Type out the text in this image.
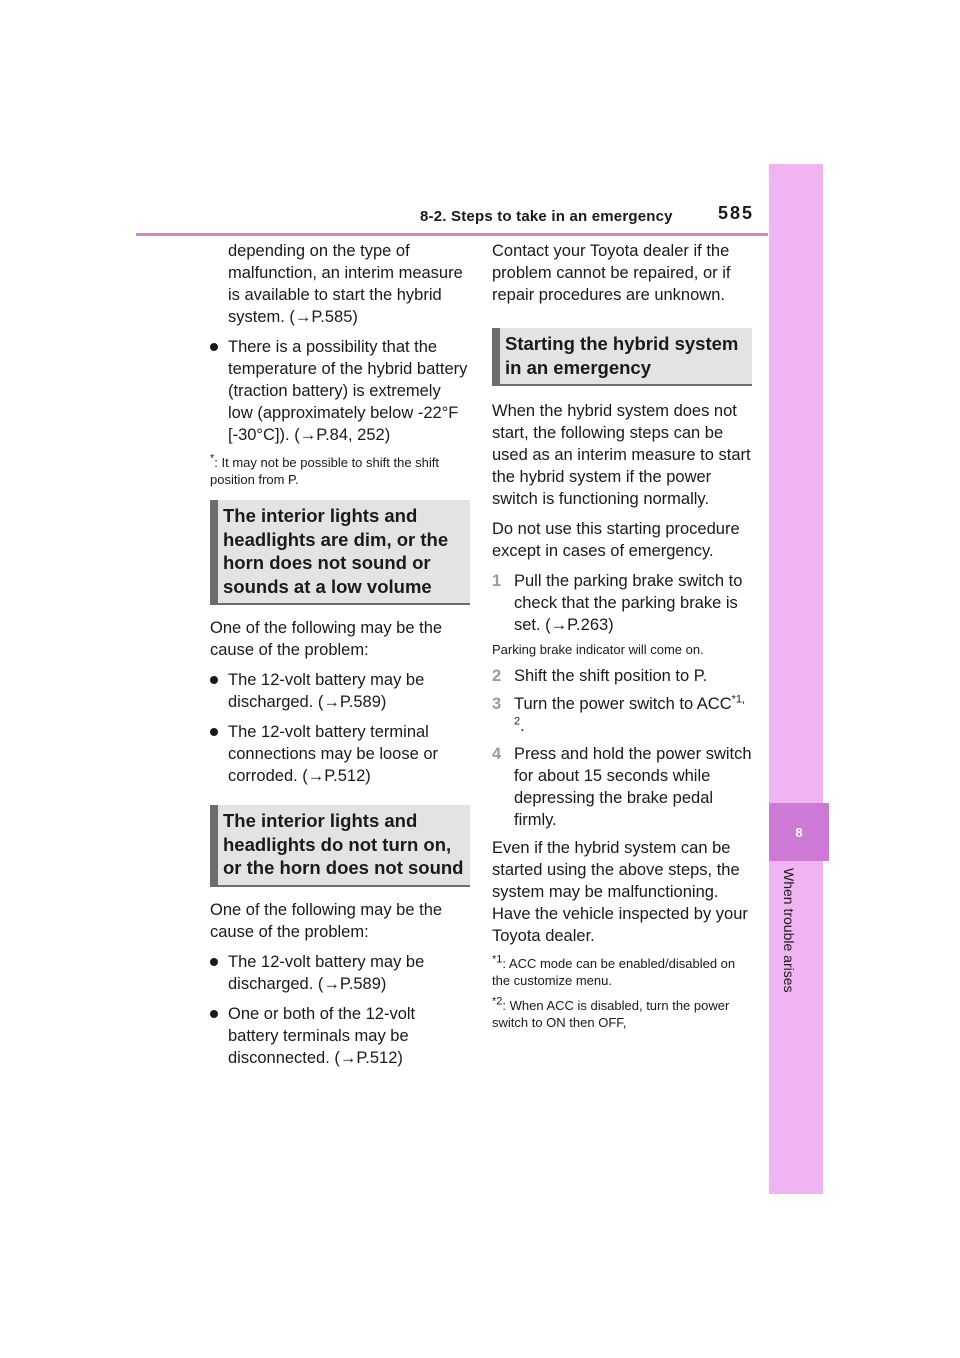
8-2. Steps to take in an emergency	585
8
When trouble arises

depending on the type of malfunction, an interim measure is available to start the hybrid system. (→P.585)

There is a possibility that the temperature of the hybrid battery (traction battery) is extremely low (approximately below -22°F [-30°C]). (→P.84, 252)
*: It may not be possible to shift the shift position from P.
The interior lights and headlights are dim, or the horn does not sound or sounds at a low volume

One of the following may be the cause of the problem:

The 12-volt battery may be discharged. (→P.589)
The 12-volt battery terminal connections may be loose or corroded. (→P.512)
The interior lights and headlights do not turn on, or the horn does not sound

One of the following may be the cause of the problem:

The 12-volt battery may be discharged. (→P.589)
One or both of the 12-volt battery terminals may be disconnected. (→P.512)

Contact your Toyota dealer if the problem cannot be repaired, or if repair procedures are unknown.

Starting the hybrid system in an emergency

When the hybrid system does not start, the following steps can be used as an interim measure to start the hybrid system if the power switch is functioning normally.

Do not use this starting procedure except in cases of emergency.

1 Pull the parking brake switch to check that the parking brake is set. (→P.263)
Parking brake indicator will come on.
2 Shift the shift position to P.
3 Turn the power switch to ACC$^{*1, 2}$.
4 Press and hold the power switch for about 15 seconds while depressing the brake pedal firmly.

Even if the hybrid system can be started using the above steps, the system may be malfunctioning. Have the vehicle inspected by your Toyota dealer.

$^{*1}$: ACC mode can be enabled/disabled on the customize menu.
$^{*2}$: When ACC is disabled, turn the power switch to ON then OFF,
